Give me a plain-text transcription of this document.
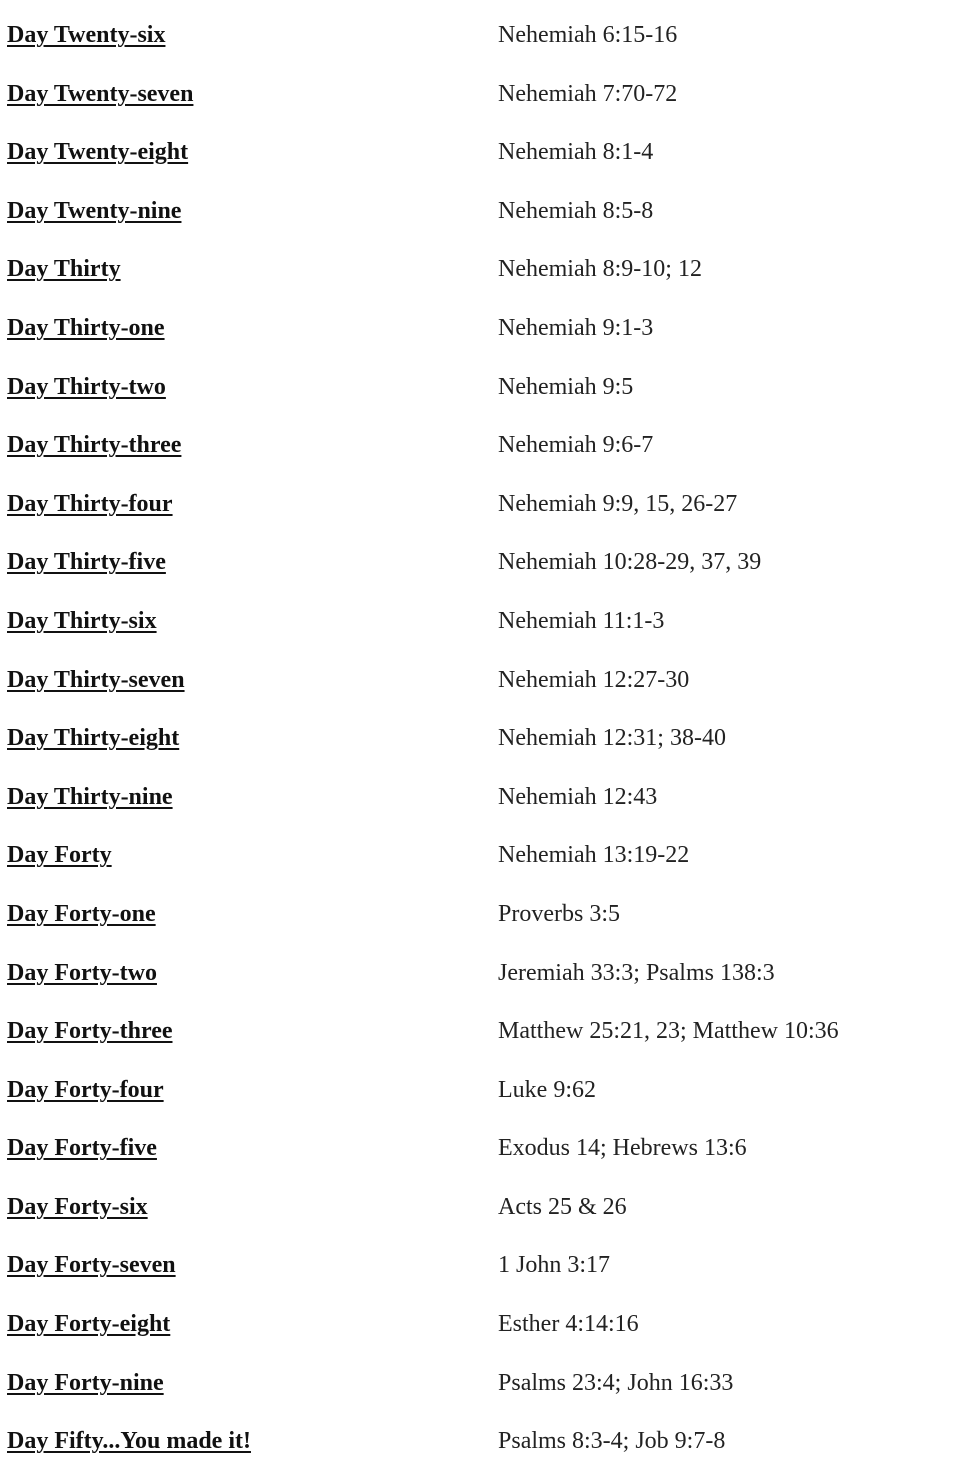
Day Twenty-six	Nehemiah 6:15-16
Day Twenty-seven	Nehemiah 7:70-72
Day Twenty-eight	Nehemiah 8:1-4
Day Twenty-nine	Nehemiah 8:5-8
Day Thirty	Nehemiah 8:9-10; 12
Day Thirty-one	Nehemiah 9:1-3
Day Thirty-two	Nehemiah 9:5
Day Thirty-three	Nehemiah 9:6-7
Day Thirty-four	Nehemiah 9:9, 15, 26-27
Day Thirty-five	Nehemiah 10:28-29, 37, 39
Day Thirty-six	Nehemiah 11:1-3
Day Thirty-seven	Nehemiah 12:27-30
Day Thirty-eight	Nehemiah 12:31; 38-40
Day Thirty-nine	Nehemiah 12:43
Day Forty	Nehemiah 13:19-22
Day Forty-one	Proverbs 3:5
Day Forty-two	Jeremiah 33:3; Psalms 138:3
Day Forty-three	Matthew 25:21, 23; Matthew 10:36
Day Forty-four	Luke 9:62
Day Forty-five	Exodus 14; Hebrews 13:6
Day Forty-six	Acts 25 & 26
Day Forty-seven	1 John 3:17
Day Forty-eight	Esther 4:14:16
Day Forty-nine	Psalms 23:4; John 16:33
Day Fifty...You made it!	Psalms 8:3-4; Job 9:7-8
